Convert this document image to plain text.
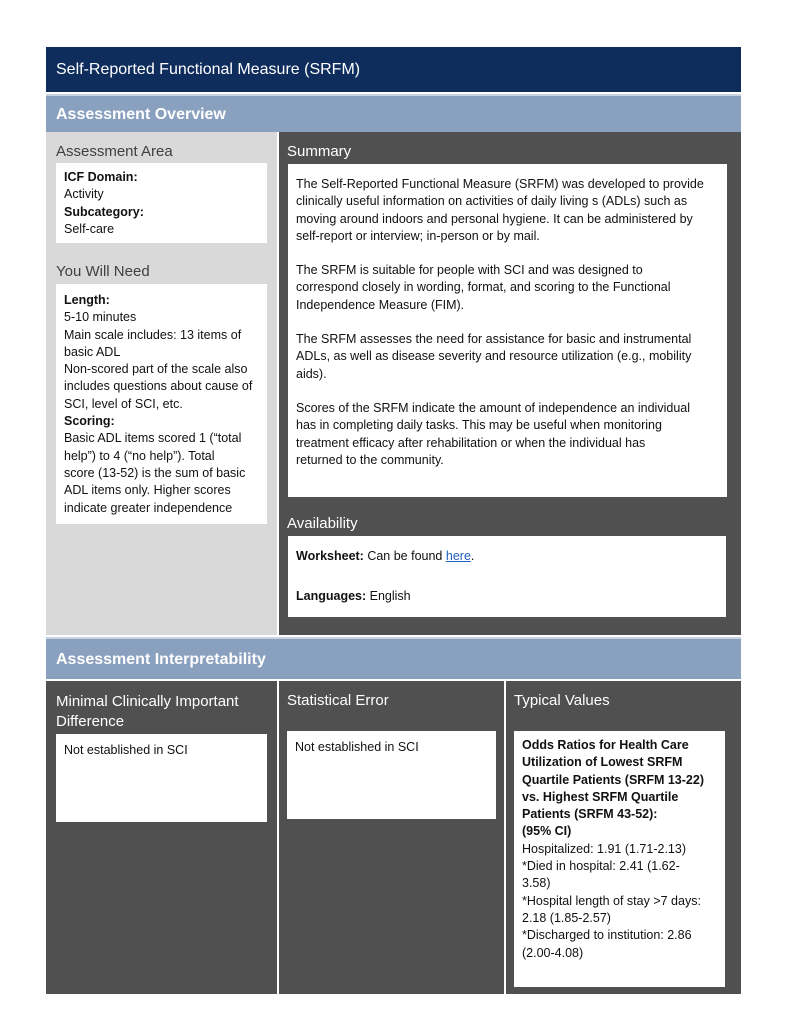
Self-Reported Functional Measure (SRFM)
Assessment Overview
Assessment Area

ICF Domain:

Activity

Subcategory:

Self-care

You Will Need

Length:

5-10 minutes
Main scale includes: 13 items of
basic ADL
Non-scored part of the scale also
includes questions about cause of
SCI, level of SCI, etc.

Scoring:

Basic ADL items scored 1 (“total
help”) to 4 (“no help”). Total
score (13-52) is the sum of basic
ADL items only. Higher scores
indicate greater independence

Summary

The Self-Reported Functional Measure (SRFM) was developed to provide
clinically useful information on activities of daily living s (ADLs) such as
moving around indoors and personal hygiene. It can be administered by
self-report or interview; in-person or by mail.

The SRFM is suitable for people with SCI and was designed to
correspond closely in wording, format, and scoring to the Functional
Independence Measure (FIM).

The SRFM assesses the need for assistance for basic and instrumental
ADLs, as well as disease severity and resource utilization (e.g., mobility
aids).

Scores of the SRFM indicate the amount of independence an individual
has in completing daily tasks. This may be useful when monitoring
treatment efficacy after rehabilitation or when the individual has
returned to the community.

Availability

Worksheet: Can be found here.

Languages: English

Assessment Interpretability
Minimal Clinically Important
Difference

Not established in SCI

Statistical Error

Not established in SCI

Typical Values

Odds Ratios for Health Care
Utilization of Lowest SRFM
Quartile Patients (SRFM 13-22)
vs. Highest SRFM Quartile
Patients (SRFM 43-52):
(95% CI)

Hospitalized: 1.91 (1.71-2.13)
*Died in hospital: 2.41 (1.62-
3.58)
*Hospital length of stay >7 days:
2.18 (1.85-2.57)
*Discharged to institution: 2.86
(2.00-4.08)
